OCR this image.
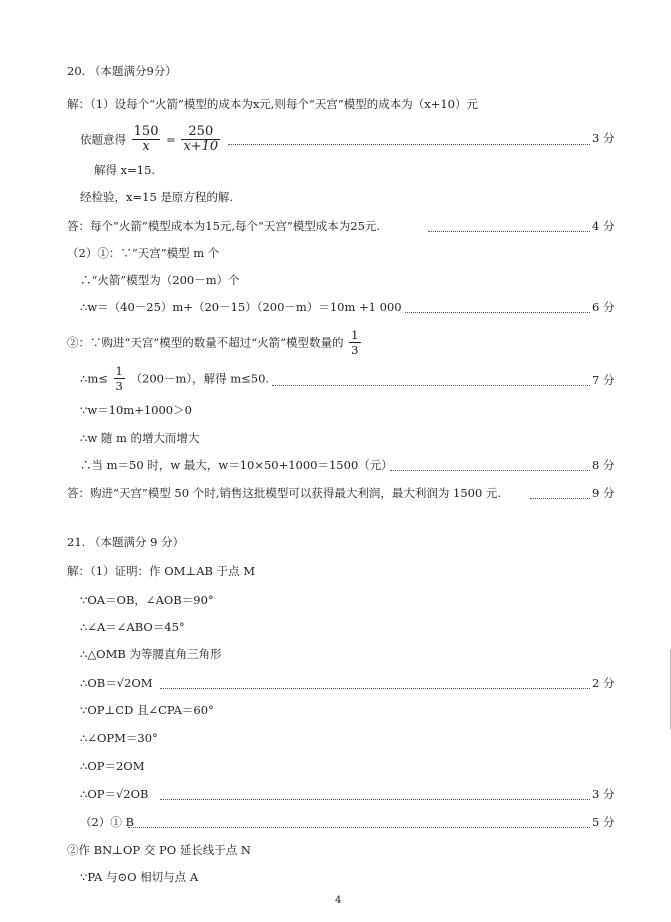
20. （本题满分9分）
解：（1）设每个“火箭”模型的成本为x元,则每个“天宫”模型的成本为（x+10）元
依题意得 $\frac{150}{x} = \frac{250}{x+10}$	3 分
解得 x=15.
经检验，x=15 是原方程的解.
答：每个“火箭”模型成本为15元,每个“天宫”模型成本为25元.	4 分
（2）①：∵“天宫”模型 m 个
∴“火箭”模型为（200－m）个
∴w＝（40－25）m+（20－15）（200－m）＝10m +1 000	6 分
②：∵购进“天宫”模型的数量不超过“火箭”模型数量的 $\frac{1}{3}$
∴m≤ $\frac{1}{3} (200-m)$，解得 m≤50.	7 分
∵w＝10m+1000＞0
∴w 随 m 的增大而增大
∴当 m＝50 时，w 最大，w＝10×50+1000＝1500（元）	8 分
答：购进“天宫”模型 50 个时,销售这批模型可以获得最大利润，最大利润为 1500 元.	9 分
21. （本题满分 9 分）
解：（1）证明：作 OM⊥AB 于点 M
∵OA＝OB，∠AOB＝90°
∴∠A＝∠ABO＝45°
∴△OMB 为等腰直角三角形
∴OB＝√2OM	2 分
∵OP⊥CD 且∠CPA＝60°
∴∠OPM＝30°
∴OP＝2OM
∴OP＝√2OB	3 分
（2）① B	5 分
②作 BN⊥OP 交 PO 延长线于点 N
∵PA 与⊙O 相切与点 A
4
